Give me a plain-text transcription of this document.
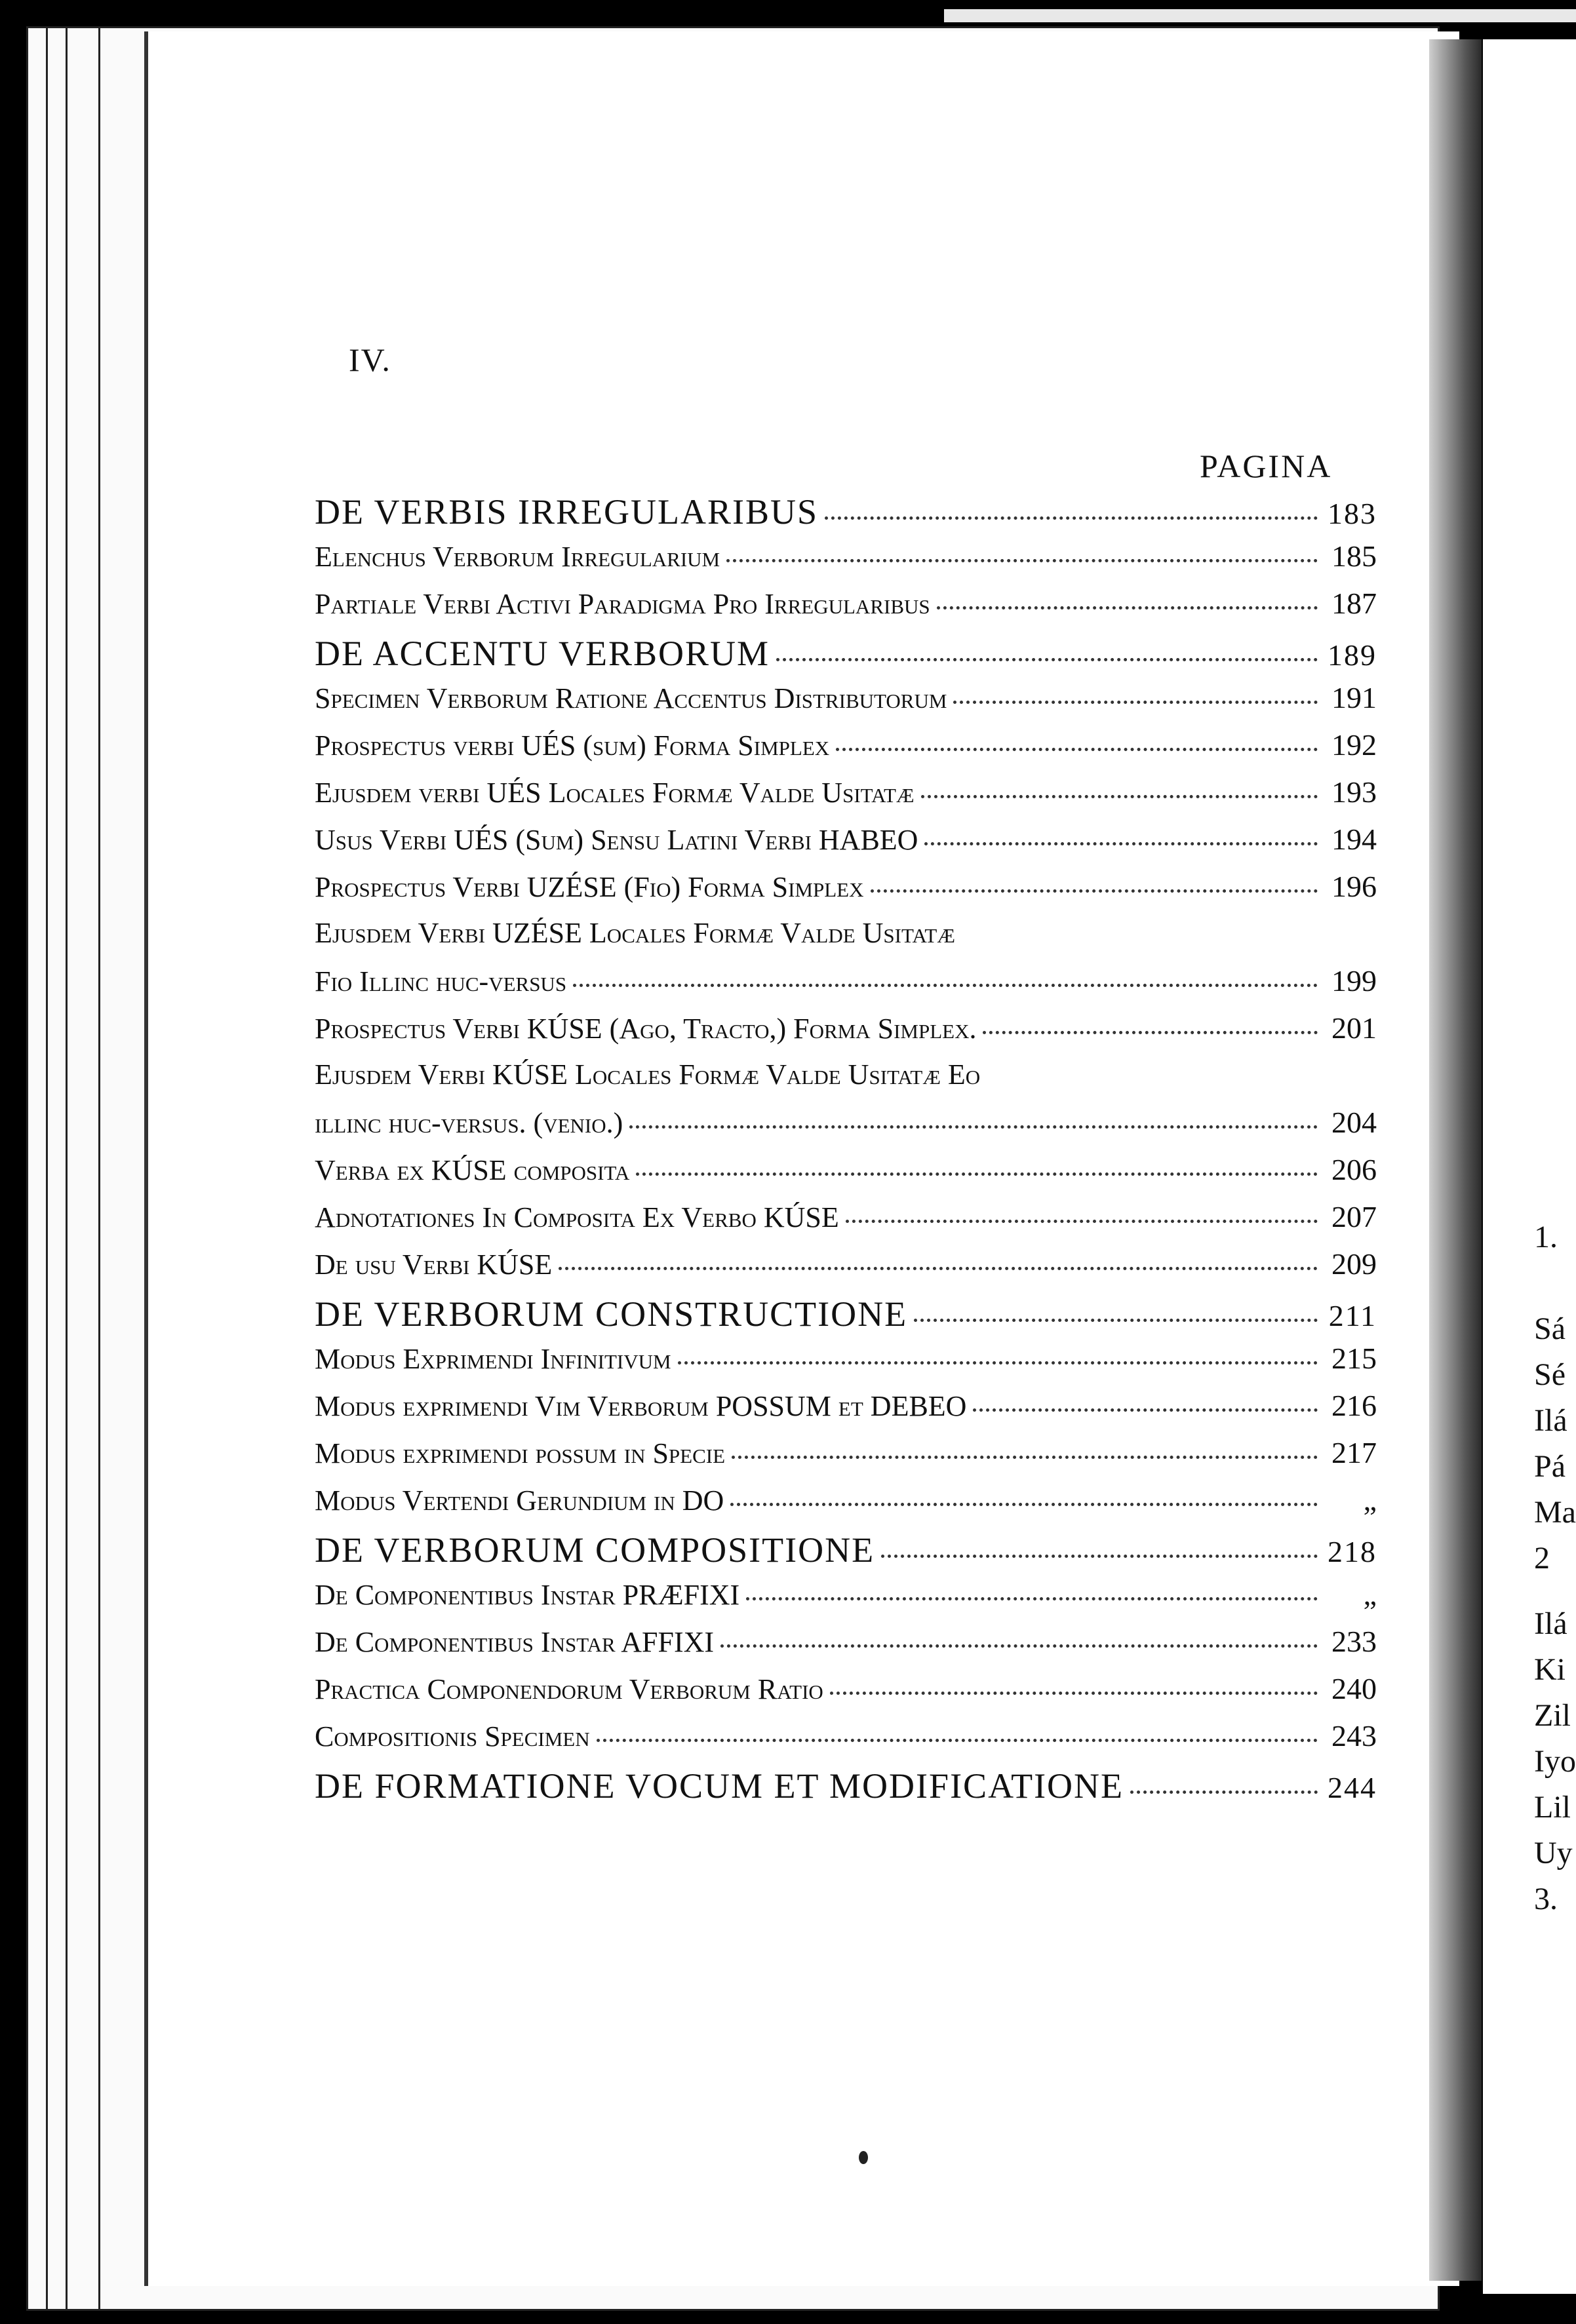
IV.
PAGINA
DE VERBIS IRREGULARIBUS	183
Elenchus Verborum Irregularium	185
Partiale Verbi Activi Paradigma Pro Irregularibus	187
DE ACCENTU VERBORUM	189
Specimen Verborum Ratione Accentus Distributorum	191
Prospectus verbi UÉS (sum) Forma Simplex	192
Ejusdem verbi UÉS Locales Formæ Valde Usitatæ	193
Usus Verbi UÉS (Sum) Sensu Latini Verbi HABEO	194
Prospectus Verbi UZÉSE (Fio) Forma Simplex	196
Ejusdem Verbi UZÉSE Locales Formæ Valde Usitatæ
Fio Illinc huc-versus	199
Prospectus Verbi KÚSE (Ago, Tracto,) Forma Simplex.	201
Ejusdem Verbi KÚSE Locales Formæ Valde Usitatæ Eo
illinc huc-versus. (venio.)	204
Verba ex KÚSE composita	206
Adnotationes In Composita Ex Verbo KÚSE	207
De usu Verbi KÚSE	209
DE VERBORUM CONSTRUCTIONE	211
Modus Exprimendi Infinitivum	215
Modus exprimendi Vim Verborum POSSUM et DEBEO	216
Modus exprimendi possum in Specie	217
Modus Vertendi Gerundium in DO	„
DE VERBORUM COMPOSITIONE	218
De Componentibus Instar PRÆFIXI	„
De Componentibus Instar AFFIXI	233
Practica Componendorum Verborum Ratio	240
Compositionis Specimen	243
DE FORMATIONE VOCUM ET MODIFICATIONE	244
1.
Sá
Sé
Ilá
Pá
Ma
2
Ilá
Ki
Zil
Iyo
Lil
Uy
3.
